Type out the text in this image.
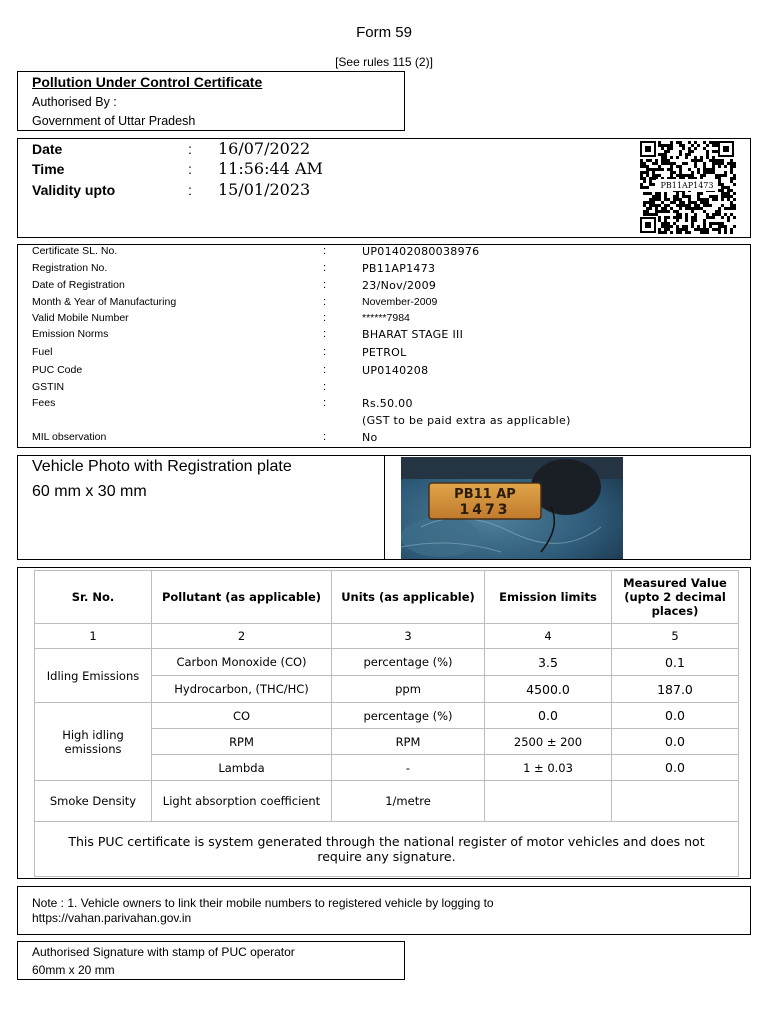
Form 59
[See rules 115 (2)]
Pollution Under Control Certificate
Authorised By :
Government of Uttar Pradesh
Date	: 16/07/2022
Time	: 11:56:44 AM
Validity upto	: 15/01/2023	PB11AP1473
Certificate SL. No.	:	UP01402080038976
Registration No.	:	PB11AP1473
Date of Registration	:	23/Nov/2009
Month & Year of Manufacturing	:	November-2009
Valid Mobile Number	:	******7984
Emission Norms	:	BHARAT STAGE III
Fuel	:	PETROL
PUC Code	:	UP0140208
GSTIN	:
Fees	:	Rs.50.00
(GST to be paid extra as applicable)
MIL observation	:	No
Vehicle Photo with Registration plate
60 mm x 30 mm	PB11 AP
1473
Sr. No.	Pollutant (as applicable)	Units (as applicable)	Emission limits	Measured Value (upto 2 decimal places)
1	2	3	4	5
Idling Emissions	Carbon Monoxide (CO)	percentage (%)	3.5	0.1
	Hydrocarbon, (THC/HC)	ppm	4500.0	187.0
High idling emissions	CO	percentage (%)	0.0	0.0
	RPM	RPM	2500 ± 200	0.0
	Lambda	-	1 ± 0.03	0.0
Smoke Density	Light absorption coefficient	1/metre		
This PUC certificate is system generated through the national register of motor vehicles and does not require any signature.				
Note : 1. Vehicle owners to link their mobile numbers to registered vehicle by logging to
https://vahan.parivahan.gov.in
Authorised Signature with stamp of PUC operator
60mm x 20 mm
